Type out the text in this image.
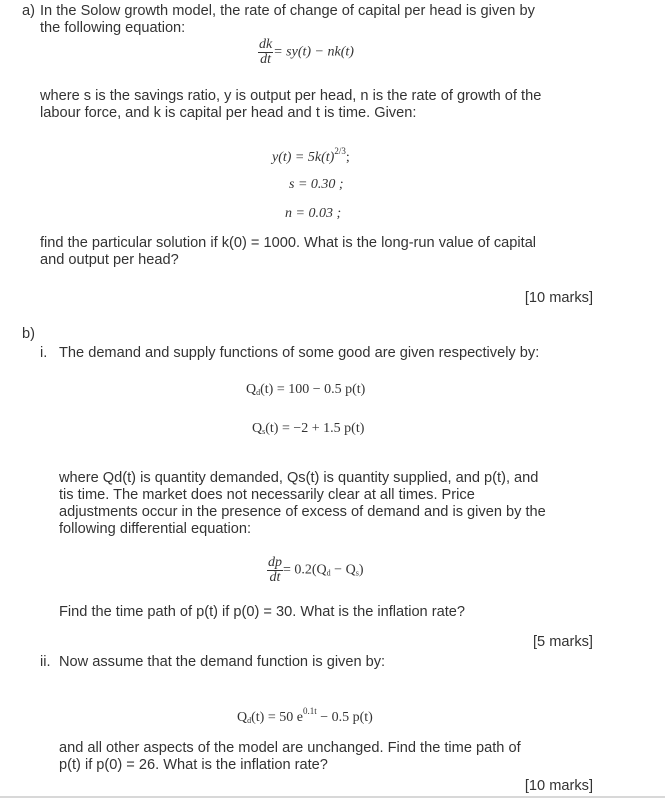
a) In the Solow growth model, the rate of change of capital per head is given by
the following equation:
$\frac{dk}{dt} = sy(t) - nk(t)$
where s is the savings ratio, y is output per head, n is the rate of growth of the
labour force, and k is capital per head and t is time. Given:
$y(t) = 5k(t)^{2/3}$;
s = 0.30 ;
n = 0.03 ;
find the particular solution if k(0) = 1000. What is the long-run value of capital
and output per head?
[10 marks]
b)
i. The demand and supply functions of some good are given respectively by:
$Q_d(t) = 100 - 0.5$ p(t)
$Q_s(t) = -2 + 1.5$ p(t)
where Qd(t) is quantity demanded, Qs(t) is quantity supplied, and p(t), and
tis time. The market does not necessarily clear at all times. Price
adjustments occur in the presence of excess of demand and is given by the
following differential equation:
$\frac{dp}{dt} = 0.2(Q_d - Q_s)$
Find the time path of p(t) if p(0) = 30. What is the inflation rate?
[5 marks]
ii. Now assume that the demand function is given by:
$Q_d(t) = 50$ $e^{0.1t} - 0.5$ p(t)
and all other aspects of the model are unchanged. Find the time path of
p(t) if p(0) = 26. What is the inflation rate?
[10 marks]
